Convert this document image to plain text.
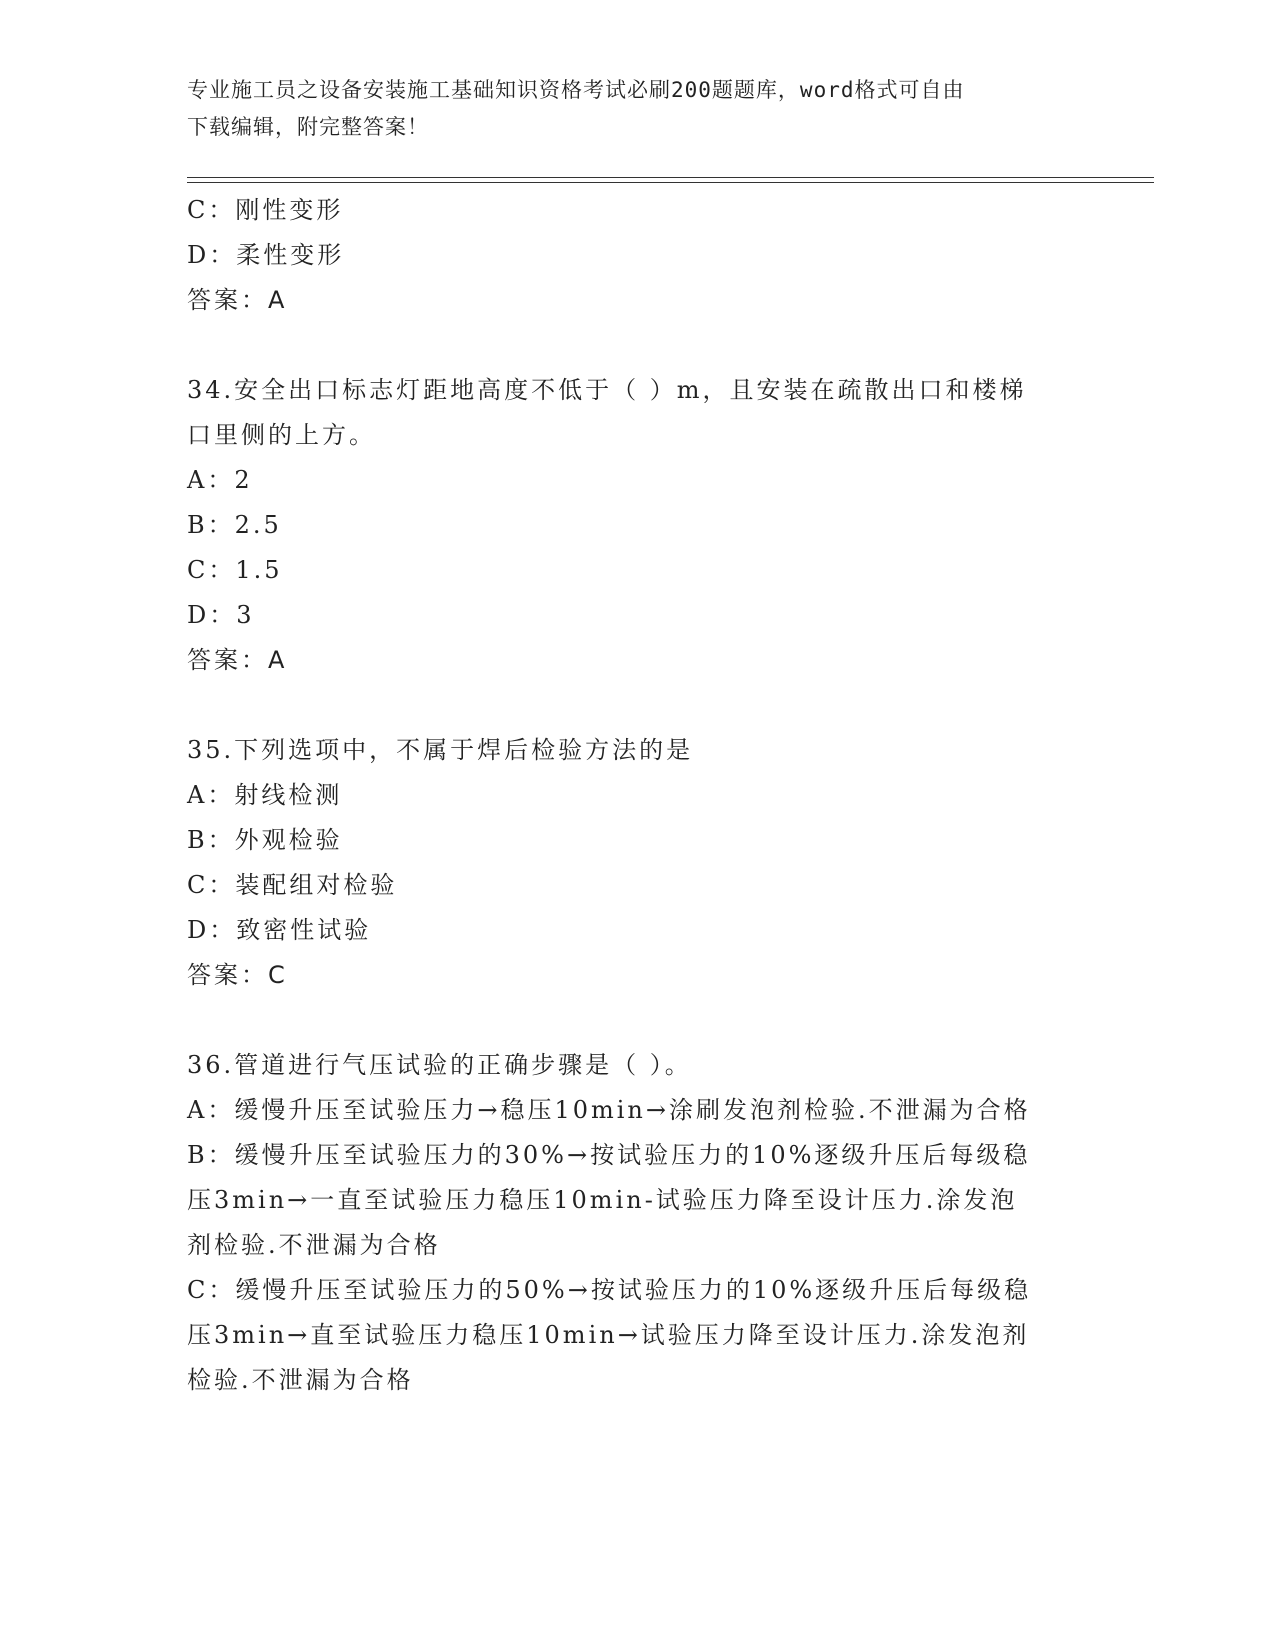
专业施工员之设备安装施工基础知识资格考试必刷200题题库，word格式可自由
下载编辑，附完整答案！
C：刚性变形
D：柔性变形
答案：A
34.安全出口标志灯距地高度不低于（ ）m，且安装在疏散出口和楼梯
口里侧的上方。
A：2
B：2.5
C：1.5
D：3
答案：A
35.下列选项中，不属于焊后检验方法的是
A：射线检测
B：外观检验
C：装配组对检验
D：致密性试验
答案：C
36.管道进行气压试验的正确步骤是（ ）。
A：缓慢升压至试验压力→稳压10min→涂刷发泡剂检验.不泄漏为合格
B：缓慢升压至试验压力的30%→按试验压力的10%逐级升压后每级稳
压3min→一直至试验压力稳压10min-试验压力降至设计压力.涂发泡
剂检验.不泄漏为合格
C：缓慢升压至试验压力的50%→按试验压力的10%逐级升压后每级稳
压3min→直至试验压力稳压10min→试验压力降至设计压力.涂发泡剂
检验.不泄漏为合格
